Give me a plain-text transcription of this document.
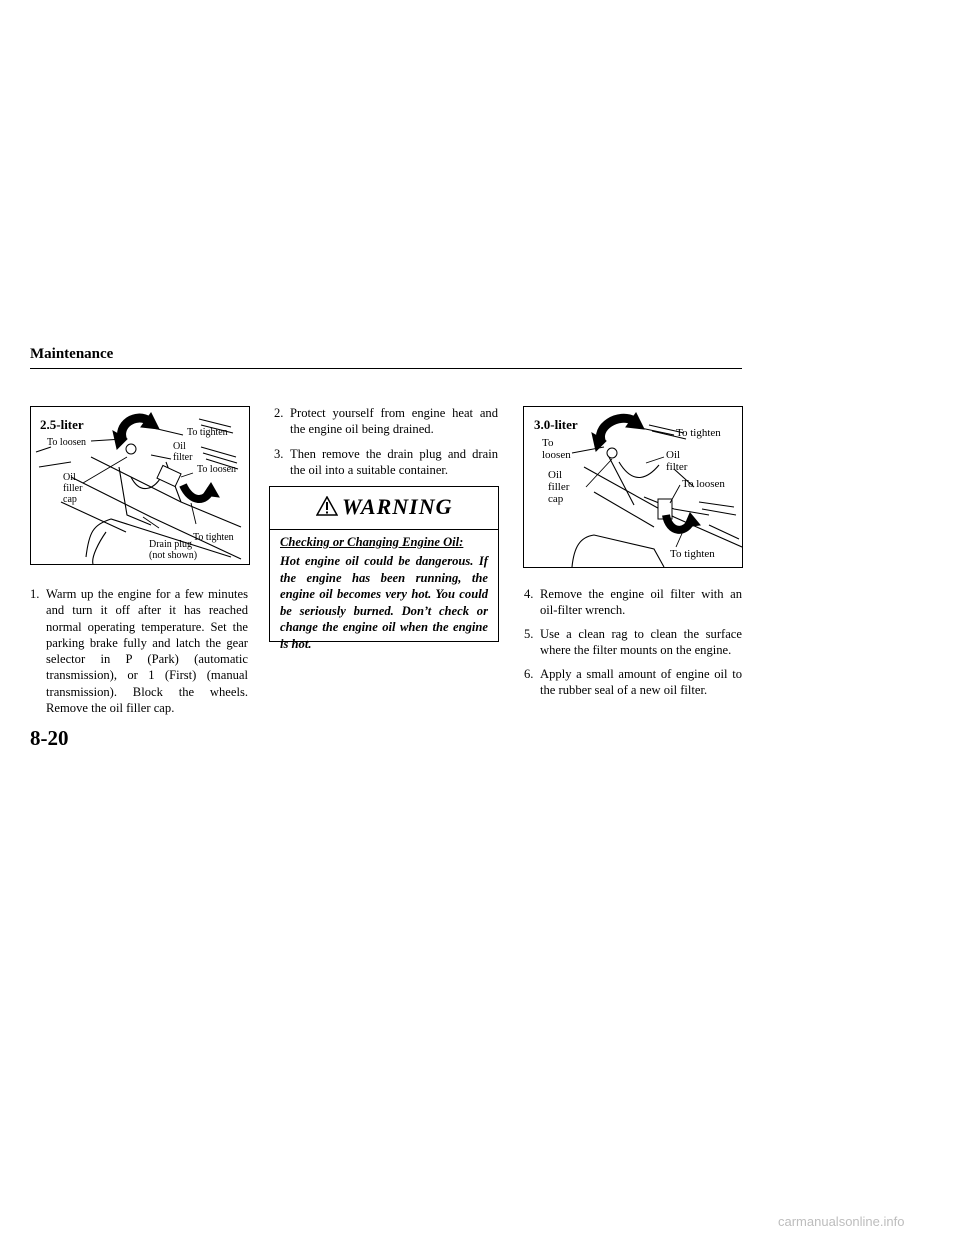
Maintenance
2.5-liter
To loosen
To tighten
Oil
filter
To loosen
Oil
filler
cap
To tighten
Drain plug
(not shown)
1. Warm up the engine for a few minutes and turn it off after it has reached normal operating temperature. Set the parking brake fully and latch the gear selector in P (Park) (automatic transmission), or 1 (First) (manual transmission). Block the wheels. Remove the oil filler cap.
2. Protect yourself from engine heat and the engine oil being drained.
3. Then remove the drain plug and drain the oil into a suitable container.
WARNING
Checking or Changing Engine Oil:
Hot engine oil could be dangerous. If the engine has been running, the engine oil becomes very hot. You could be seriously burned. Don’t check or change the engine oil when the engine is hot.
3.0-liter
To
loosen
To tighten
Oil
filter
Oil
filler
cap
To loosen
To tighten
4. Remove the engine oil filter with an oil-filter wrench.
5. Use a clean rag to clean the surface where the filter mounts on the engine.
6. Apply a small amount of engine oil to the rubber seal of a new oil filter.
8-20
carmanualsonline.info
